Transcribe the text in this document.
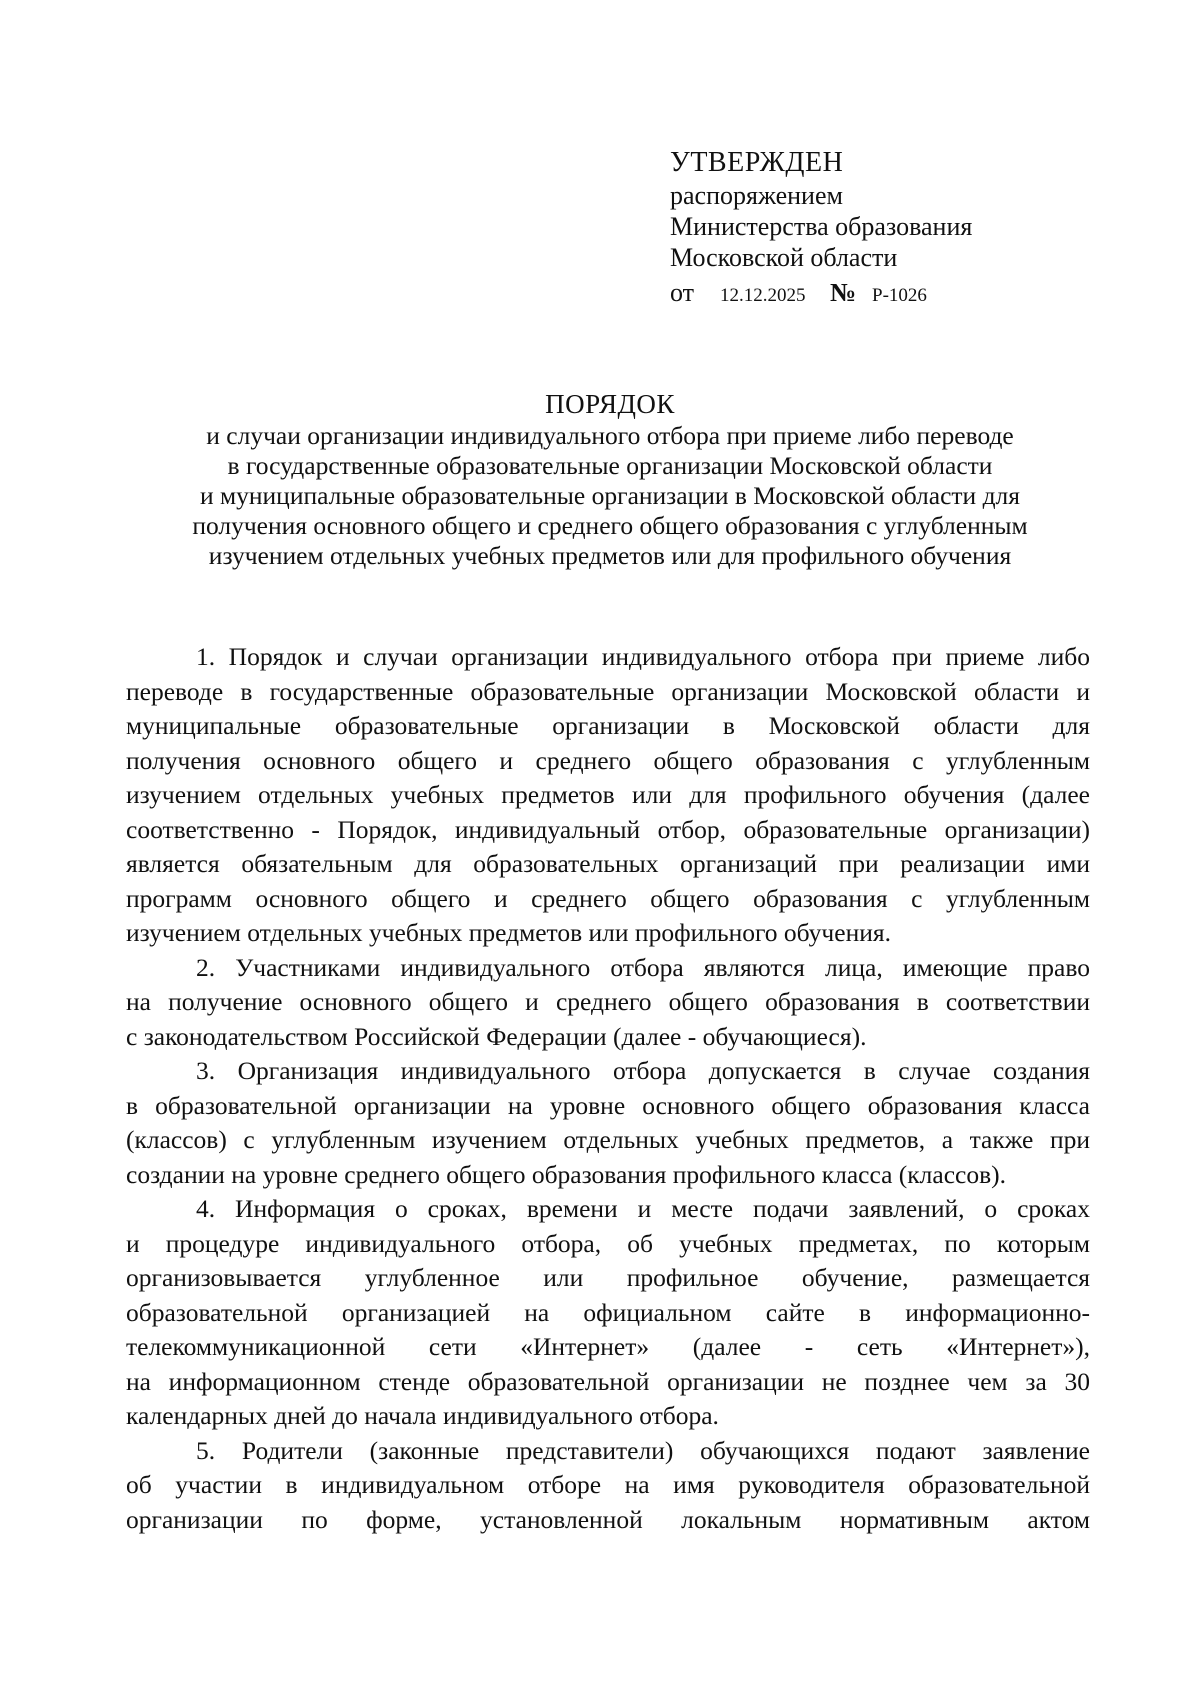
УТВЕРЖДЕН
распоряжением
Министерства образования
Московской области
от	12.12.2025 № Р-1026
ПОРЯДОК
и случаи организации индивидуального отбора при приеме либо переводе
в государственные образовательные организации Московской области
и муниципальные образовательные организации в Московской области для
получения основного общего и среднего общего образования с углубленным
изучением отдельных учебных предметов или для профильного обучения
1. Порядок и случаи организации индивидуального отбора при приеме либо
переводе в государственные образовательные организации Московской области и
муниципальные образовательные организации в Московской области для
получения основного общего и среднего общего образования с углубленным
изучением отдельных учебных предметов или для профильного обучения (далее
соответственно - Порядок, индивидуальный отбор, образовательные организации)
является обязательным для образовательных организаций при реализации ими
программ основного общего и среднего общего образования с углубленным
изучением отдельных учебных предметов или профильного обучения.
2. Участниками индивидуального отбора являются лица, имеющие право
на получение основного общего и среднего общего образования в соответствии
с законодательством Российской Федерации (далее - обучающиеся).
3. Организация индивидуального отбора допускается в случае создания
в образовательной организации на уровне основного общего образования класса
(классов) с углубленным изучением отдельных учебных предметов, а также при
создании на уровне среднего общего образования профильного класса (классов).
4. Информация о сроках, времени и месте подачи заявлений, о сроках
и процедуре индивидуального отбора, об учебных предметах, по которым
организовывается углубленное или профильное обучение, размещается
образовательной организацией на официальном сайте в информационно-
телекоммуникационной сети «Интернет» (далее - сеть «Интернет»),
на информационном стенде образовательной организации не позднее чем за 30
календарных дней до начала индивидуального отбора.
5. Родители (законные представители) обучающихся подают заявление
об участии в индивидуальном отборе на имя руководителя образовательной
организации по форме, установленной локальным нормативным актом
